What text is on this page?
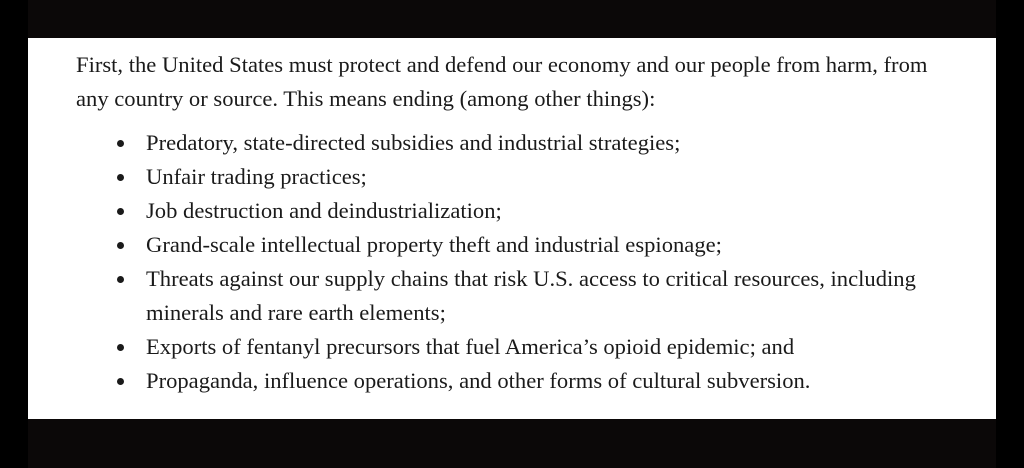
First, the United States must protect and defend our economy and our people from harm, from any country or source. This means ending (among other things):

Predatory, state-directed subsidies and industrial strategies;
Unfair trading practices;
Job destruction and deindustrialization;
Grand-scale intellectual property theft and industrial espionage;
Threats against our supply chains that risk U.S. access to critical resources, including minerals and rare earth elements;
Exports of fentanyl precursors that fuel America’s opioid epidemic; and
Propaganda, influence operations, and other forms of cultural subversion.
